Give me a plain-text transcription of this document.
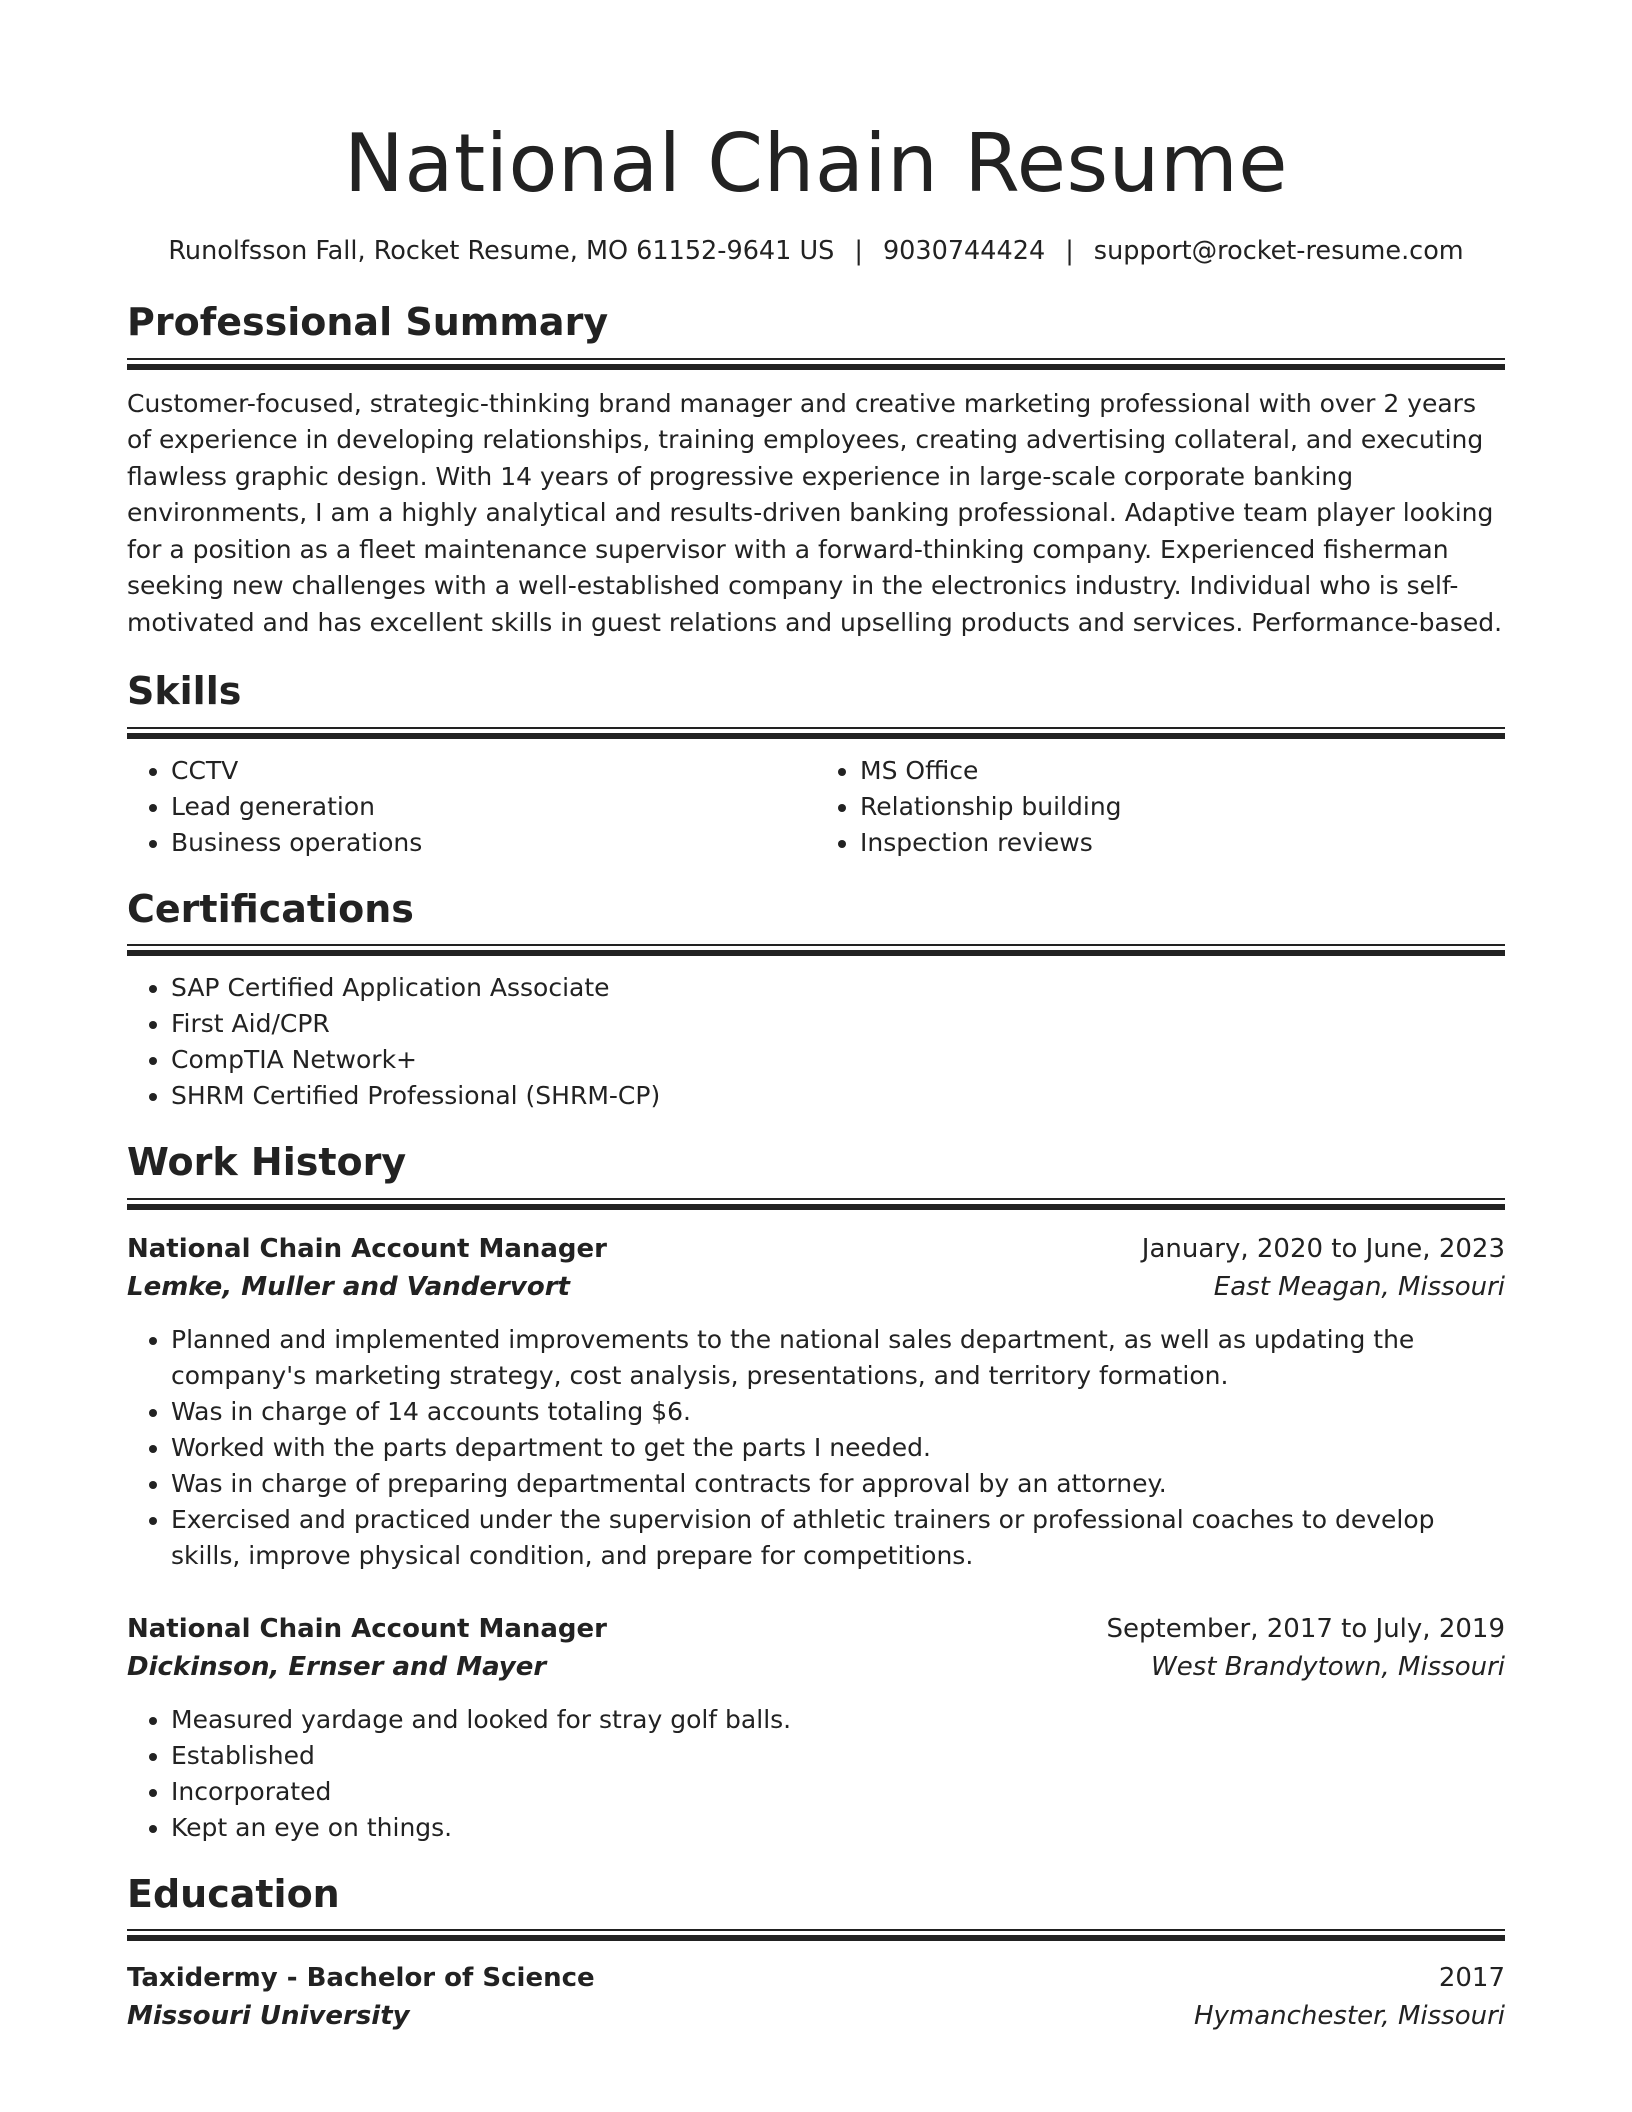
National Chain Resume
Runolfsson Fall, Rocket Resume, MO 61152-9641 US | 9030744424 | support@rocket-resume.com
Professional Summary
Customer-focused, strategic-thinking brand manager and creative marketing professional with over 2 years of experience in developing relationships, training employees, creating advertising collateral, and executing flawless graphic design. With 14 years of progressive experience in large-scale corporate banking environments, I am a highly analytical and results-driven banking professional. Adaptive team player looking for a position as a fleet maintenance supervisor with a forward-thinking company. Experienced fisherman seeking new challenges with a well-established company in the electronics industry. Individual who is self-motivated and has excellent skills in guest relations and upselling products and services. Performance-based.
Skills
• CCTV
• Lead generation
• Business operations
• MS Office
• Relationship building
• Inspection reviews
Certifications
• SAP Certified Application Associate
• First Aid/CPR
• CompTIA Network+
• SHRM Certified Professional (SHRM-CP)
Work History
National Chain Account Manager	January, 2020 to June, 2023
Lemke, Muller and Vandervort	East Meagan, Missouri
• Planned and implemented improvements to the national sales department, as well as updating the company's marketing strategy, cost analysis, presentations, and territory formation.
• Was in charge of 14 accounts totaling $6.
• Worked with the parts department to get the parts I needed.
• Was in charge of preparing departmental contracts for approval by an attorney.
• Exercised and practiced under the supervision of athletic trainers or professional coaches to develop skills, improve physical condition, and prepare for competitions.
National Chain Account Manager	September, 2017 to July, 2019
Dickinson, Ernser and Mayer	West Brandytown, Missouri
• Measured yardage and looked for stray golf balls.
• Established
• Incorporated
• Kept an eye on things.
Education
Taxidermy - Bachelor of Science	2017
Missouri University	Hymanchester, Missouri
